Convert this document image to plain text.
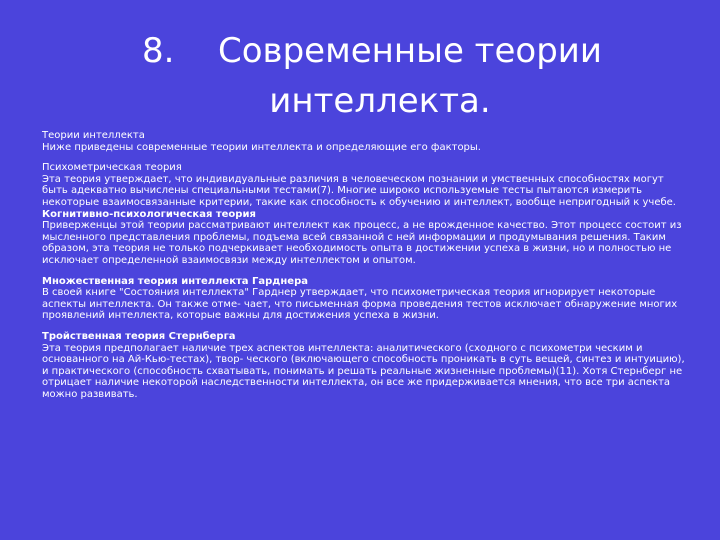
8.	Современные теории
интеллекта.

Теории интеллекта

Ниже приведены современные теории интеллекта и определяющие его факторы.

Психометрическая теория

Эта теория утверждает, что индивидуальные различия в человеческом познании и умственных способностях могут быть адекватно вычислены специальными тестами(7). Многие широко используемые тесты пытаются измерить некоторые взаимосвязанные критерии, такие как способность к обучению и интеллект, вообще непригодный к учебе.

Когнитивно-психологическая теория

Приверженцы этой теории рассматривают интеллект как процесс, а не врожденное качество. Этот процесс состоит из мысленного представления проблемы, подъема всей связанной с ней информации и продумывания решения. Таким образом, эта теория не только подчеркивает необходимость опыта в достижении успеха в жизни, но и полностью не исключает определенной взаимосвязи между интеллектом и опытом.

Множественная теория интеллекта Гарднера

В своей книге "Состояния интеллекта" Гарднер утверждает, что психометрическая теория игнорирует некоторые аспекты интеллекта. Он также отме- чает, что письменная форма проведения тестов исключает обнаружение многих проявлений интеллекта, которые важны для достижения успеха в жизни.

Тройственная теория Стернберга

Эта теория предполагает наличие трех аспектов интеллекта: аналитического (сходного с психометри ческим и основанного на Ай-Кью-тестах), твор- ческого (включающего способность проникать в суть вещей, синтез и интуицию), и практического (способность схватывать, понимать и решать реальные жизненные проблемы)(11). Хотя Стернберг не отрицает наличие некоторой наследственности интеллекта, он все же придерживается мнения, что все три аспекта можно развивать.
